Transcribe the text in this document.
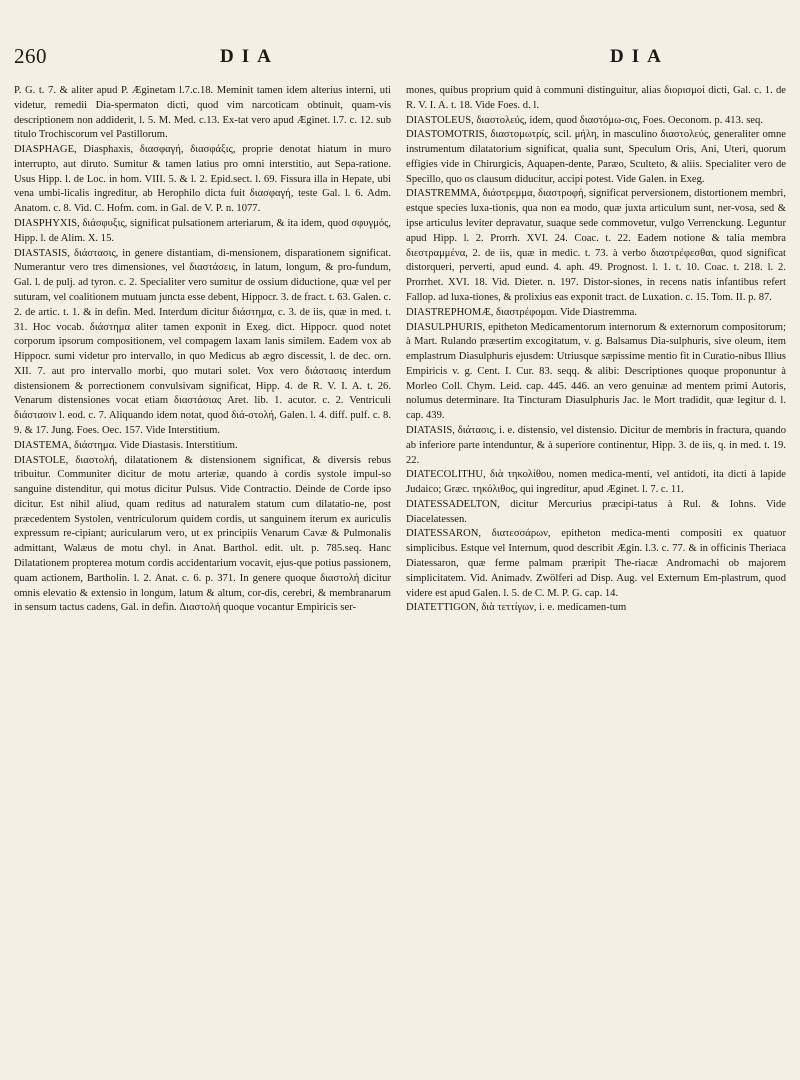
260	DIA	DIA

P. G. t. 7. & aliter apud P. Æginetam l.7.c.18. Meminit tamen idem alterius interni, uti videtur, remedii Dia-spermaton dicti, quod vim narcoticam obtinuit, quam-vis descriptionem non addiderit, l. 5. M. Med. c.13. Ex-tat vero apud Æginet. l.7. c. 12. sub titulo Trochiscorum vel Pastillorum.

DIASPHAGE, Diasphaxis, διασφαγή, διασφάξις, proprie denotat hiatum in muro interrupto, aut diruto. Sumitur & tamen latius pro omni interstitio, aut Sepa-ratione. Usus Hipp. l. de Loc. in hom. VIII. 5. & l. 2. Epid.sect. l. 69. Fissura illa in Hepate, ubi vena umbi-licalis ingreditur, ab Herophilo dicta fuit διασφαγή, teste Gal. l. 6. Adm. Anatom. c. 8. Vid. C. Hofm. com. in Gal. de V. P. n. 1077.

DIASPHYXIS, διάσφυξις, significat pulsationem arteriarum, & ita idem, quod σφυγμός, Hipp. l. de Alim. X. 15.

DIASTASIS, διάστασις, in genere distantiam, di-mensionem, disparationem significat. Numerantur vero tres dimensiones, vel διαστάσεις, in latum, longum, & pro-fundum, Gal. l. de pulj. ad tyron. c. 2. Specialiter vero sumitur de ossium diductione, quæ vel per suturam, vel coalitionem mutuam juncta esse debent, Hippocr. 3. de fract. t. 63. Galen. c. 2. de artic. t. 1. & in defin. Med. Interdum dicitur διάστημα, c. 3. de iis, quæ in med. t. 31. Hoc vocab. διάστημα aliter tamen exponit in Exeg. dict. Hippocr. quod notet corporum ipsorum compositionem, vel compagem laxam lanis similem. Eadem vox ab Hippocr. sumi videtur pro intervallo, in quo Medicus ab ægro discessit, l. de dec. orn. XII. 7. aut pro intervallo morbi, quo mutari solet. Vox vero διάστασις interdum distensionem & porrectionem convulsivam significat, Hipp. 4. de R. V. I. A. t. 26. Venarum distensiones vocat etiam διαστάσιας Aret. lib. 1. acutor. c. 2. Ventriculi διάστασιν l. eod. c. 7. Aliquando idem notat, quod διά-στολή, Galen. l. 4. diff. pulf. c. 8. 9. & 17. Jung. Foes. Oec. 157. Vide Interstitium.

DIASTEMA, διάστημα. Vide Diastasis. Interstitium.

DIASTOLE, διαστολή, dilatationem & distensionem significat, & diversis rebus tribuitur. Communiter dicitur de motu arteriæ, quando à cordis systole impul-so sanguine distenditur, qui motus dicitur Pulsus. Vide Contractio. Deinde de Corde ipso dicitur. Est nihil aliud, quam reditus ad naturalem statum cum dilatatio-ne, post præcedentem Systolen, ventriculorum quidem cordis, ut sanguinem iterum ex auriculis expressum re-cipiant; auricularum vero, ut ex principiis Venarum Cavæ & Pulmonalis admittant, Walæus de motu chyl. in Anat. Barthol. edit. ult. p. 785.seq. Hanc Dilatationem propterea motum cordis accidentarium vocavit, ejus-que potius passionem, quam actionem, Bartholin. l. 2. Anat. c. 6. p. 371. In genere quoque διαστολή dicitur omnis elevatio & extensio in longum, latum & altum, cor-dis, cerebri, & membranarum in sensum tactus cadens, Gal. in defin. Διαστολή quoque vocantur Empiricis ser-

mones, quibus proprium quid à communi distinguitur, alias διορισμοί dicti, Gal. c. 1. de R. V. I. A. t. 18. Vide Foes. d. l.

DIASTOLEUS, διαστολεύς, idem, quod διαστόμω-σις, Foes. Oeconom. p. 413. seq.

DIASTOMOTRIS, διαστομωτρίς, scil. μήλη, in masculino διαστολεύς, generaliter omne instrumentum dilatatorium significat, qualia sunt, Speculum Oris, Ani, Uteri, quorum effigies vide in Chirurgicis, Aquapen-dente, Paræo, Sculteto, & aliis. Specialiter vero de Specillo, quo os clausum diducitur, accipi potest. Vide Galen. in Exeg.

DIASTREMMA, διάστρεμμα, διαστροφή, significat perversionem, distortionem membri, estque species luxa-tionis, qua non ea modo, quæ juxta articulum sunt, ner-vosa, sed & ipse articulus leviter depravatur, suaque sede commovetur, vulgo Verrenckung. Leguntur apud Hipp. l. 2. Prorrh. XVI. 24. Coac. t. 22. Eadem notione & talia membra διεστραμμένα, 2. de iis, quæ in medic. t. 73. à verbo διαστρέφεσθαι, quod significat distorqueri, perverti, apud eund. 4. aph. 49. Prognost. l. 1. t. 10. Coac. t. 218. l. 2. Prorrhet. XVI. 18. Vid. Dieter. n. 197. Distor-siones, in recens natis infantibus refert Fallop. ad luxa-tiones, & prolixius eas exponit tract. de Luxation. c. 15. Tom. II. p. 87.

DIASTREPHOMÆ, διαστρέφομαι. Vide Diastremma.

DIASULPHURIS, epitheton Medicamentorum internorum & externorum compositorum; à Mart. Rulando præsertim excogitatum, v. g. Balsamus Dia-sulphuris, sive oleum, item emplastrum Diasulphuris ejusdem: Utriusque sæpissime mentio fit in Curatio-nibus Illius Empiricis v. g. Cent. I. Cur. 83. seqq. & alibi: Descriptiones quoque proponuntur à Morleo Coll. Chym. Leid. cap. 445. 446. an vero genuinæ ad mentem primi Autoris, nolumus determinare. Ita Tincturam Diasulphuris Jac. le Mort tradidit, quæ legitur d. l. cap. 439.

DIATASIS, διάτασις, i. e. distensio, vel distensio. Dicitur de membris in fractura, quando ab inferiore parte intenduntur, & à superiore continentur, Hipp. 3. de iis, q. in med. t. 19. 22.

DIATECOLITHU, διὰ τηκολίθου, nomen medica-menti, vel antidoti, ita dicti à lapide Judaico; Græc. τηκόλιθος, qui ingreditur, apud Æginet. l. 7. c. 11.

DIATESSADELTON, dicitur Mercurius præcipi-tatus à Rul. & Iohns. Vide Diacelatessen.

DIATESSARON, διατεσσάρων, epitheton medica-menti compositi ex quatuor simplicibus. Estque vel Internum, quod describit Ægin. l.3. c. 77. & in officinis Theriaca Diatessaron, quæ ferme palmam præripit The-riacæ Andromachi ob majorem simplicitatem. Vid. Animadv. Zwölferi ad Disp. Aug. vel Externum Em-plastrum, quod videre est apud Galen. l. 5. de C. M. P. G. cap. 14.

DIATETTIGON, διὰ τεττίγων, i. e. medicamen-tum
